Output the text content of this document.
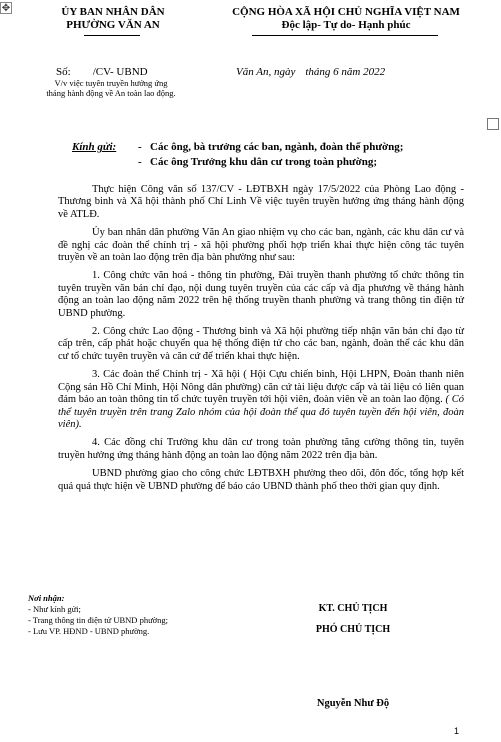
✥	ỦY BAN NHÂN DÂN
PHƯỜNG VĂN AN
CỘNG HÒA XÃ HỘI CHỦ NGHĨA VIỆT NAM
Độc lập- Tự do- Hạnh phúc
Số: /CV- UBND
V/v việc tuyên truyền hưởng ứng tháng hành động về An toàn lao động.
Văn An, ngày tháng 6 năm 2022
Kính gửi: - Các ông, bà trưởng các ban, ngành, đoàn thể phường;
- Các ông Trưởng khu dân cư trong toàn phường;

Thực hiện Công văn số 137/CV - LĐTBXH ngày 17/5/2022 của Phòng Lao động - Thương binh và Xã hội thành phố Chí Linh Về việc tuyên truyền hưởng ứng tháng hành động về ATLĐ.

Ủy ban nhân dân phường Văn An giao nhiệm vụ cho các ban, ngành, các khu dân cư và đề nghị các đoàn thể chính trị - xã hội phường phối hợp triển khai thực hiện công tác tuyên truyền về an toàn lao động trên địa bàn phường như sau:

1. Công chức văn hoá - thông tin phường, Đài truyền thanh phường tổ chức thông tin tuyên truyền văn bản chỉ đạo, nội dung tuyên truyền của các cấp và địa phương về tháng hành động an toàn lao động năm 2022 trên hệ thống truyền thanh phường và trang thông tin điện tử UBND phường.

2. Công chức Lao động - Thương binh và Xã hội phường tiếp nhận văn bản chỉ đạo từ cấp trên, cấp phát hoặc chuyển qua hệ thống điện tử cho các ban, ngành, đoàn thể các khu dân cư tổ chức tuyên truyền và căn cứ để triển khai thực hiện.

3. Các đoàn thể Chính trị - Xã hội ( Hội Cựu chiến binh, Hội LHPN, Đoàn thanh niên Cộng sản Hồ Chí Minh, Hội Nông dân phường) căn cứ tài liệu được cấp và tài liệu có liên quan đảm bảo an toàn thông tin tổ chức tuyên truyền tới hội viên, đoàn viên về an toàn lao động. ( Có thể tuyên truyền trên trang Zalo nhóm của hội đoàn thể qua đó tuyên tuyền đến hội viên, đoàn viên).

4. Các đồng chí Trưởng khu dân cư trong toàn phường tăng cường thông tin, tuyên truyền hưởng ứng tháng hành động an toàn lao động năm 2022 trên địa bàn.

UBND phường giao cho công chức LĐTBXH phường theo dõi, đôn đốc, tổng hợp kết quả quả thực hiện về UBND phường để báo cáo UBND thành phố theo thời gian quy định.

Nơi nhận:
- Như kính gửi;
- Trang thông tin điện tử UBND phường;
- Lưu VP. HĐND - UBND phường.
KT. CHỦ TỊCH
PHÓ CHỦ TỊCH
Nguyễn Như Độ
1
